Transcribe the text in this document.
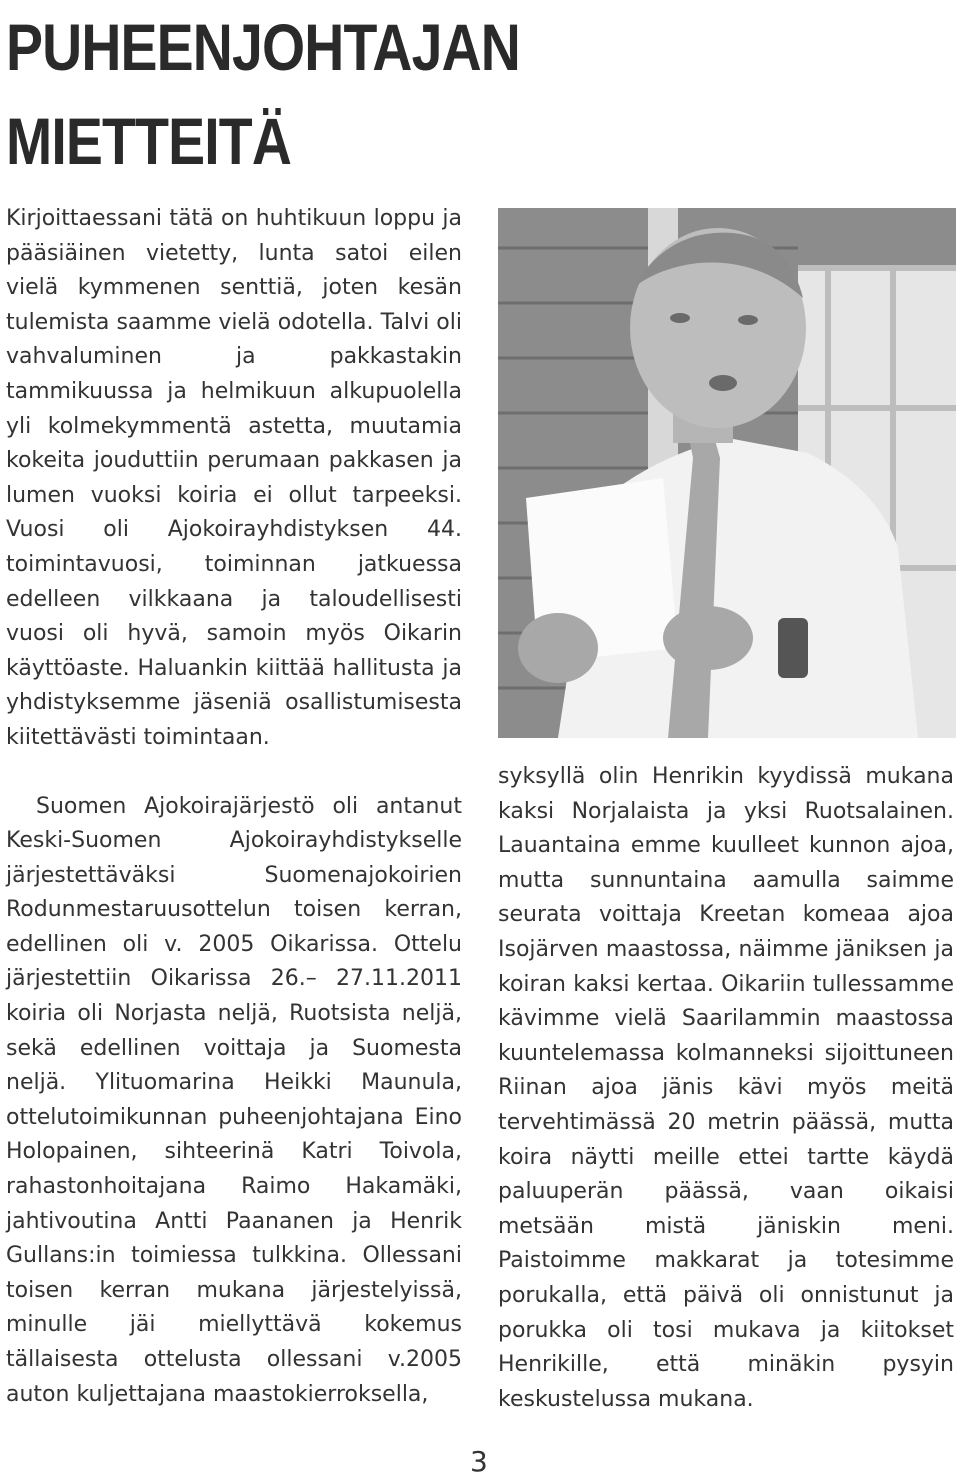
PUHEENJOHTAJAN
MIETTEITÄ

Kirjoittaessani tätä on huhtikuun loppu ja pääsiäinen vietetty, lunta satoi eilen vielä kymmenen senttiä, joten kesän tulemista saamme vielä odotella. Talvi oli vahvaluminen ja pakkastakin tammikuussa ja helmikuun alkupuolella yli kolmekymmentä astetta, muutamia kokeita jouduttiin perumaan pakkasen ja lumen vuoksi koiria ei ollut tarpeeksi. Vuosi oli Ajokoirayhdistyksen 44. toimintavuosi, toiminnan jatkuessa edelleen vilkkaana ja taloudellisesti vuosi oli hyvä, samoin myös Oikarin käyttöaste. Haluankin kiittää hallitusta ja yhdistyksemme jäseniä osallistumisesta kiitettävästi toimintaan.

Suomen Ajokoirajärjestö oli antanut Keski-Suomen Ajokoirayhdistykselle järjestettäväksi Suomenajokoirien Rodunmestaruusottelun toisen kerran, edellinen oli v. 2005 Oikarissa. Ottelu järjestettiin Oikarissa 26.– 27.11.2011 koiria oli Norjasta neljä, Ruotsista neljä, sekä edellinen voittaja ja Suomesta neljä. Ylituomarina Heikki Maunula, ottelutoimikunnan puheenjohtajana Eino Holopainen, sihteerinä Katri Toivola, rahastonhoitajana Raimo Hakamäki, jahtivoutina Antti Paananen ja Henrik Gullans:in toimiessa tulkkina. Ollessani toisen kerran mukana järjestelyissä, minulle jäi miellyttävä kokemus tällaisesta ottelusta ollessani v.2005 auton kuljettajana maastokierroksella,

syksyllä olin Henrikin kyydissä mukana kaksi Norjalaista ja yksi Ruotsalainen. Lauantaina emme kuulleet kunnon ajoa, mutta sunnuntaina aamulla saimme seurata voittaja Kreetan komeaa ajoa Isojärven maastossa, näimme jäniksen ja koiran kaksi kertaa. Oikariin tullessamme kävimme vielä Saarilammin maastossa kuuntelemassa kolmanneksi sijoittuneen Riinan ajoa jänis kävi myös meitä tervehtimässä 20 metrin päässä, mutta koira näytti meille ettei tartte käydä paluuperän päässä, vaan oikaisi metsään mistä jäniskin meni. Paistoimme makkarat ja totesimme porukalla, että päivä oli onnistunut ja porukka oli tosi mukava ja kiitokset Henrikille, että minäkin pysyin keskustelussa mukana.

3
